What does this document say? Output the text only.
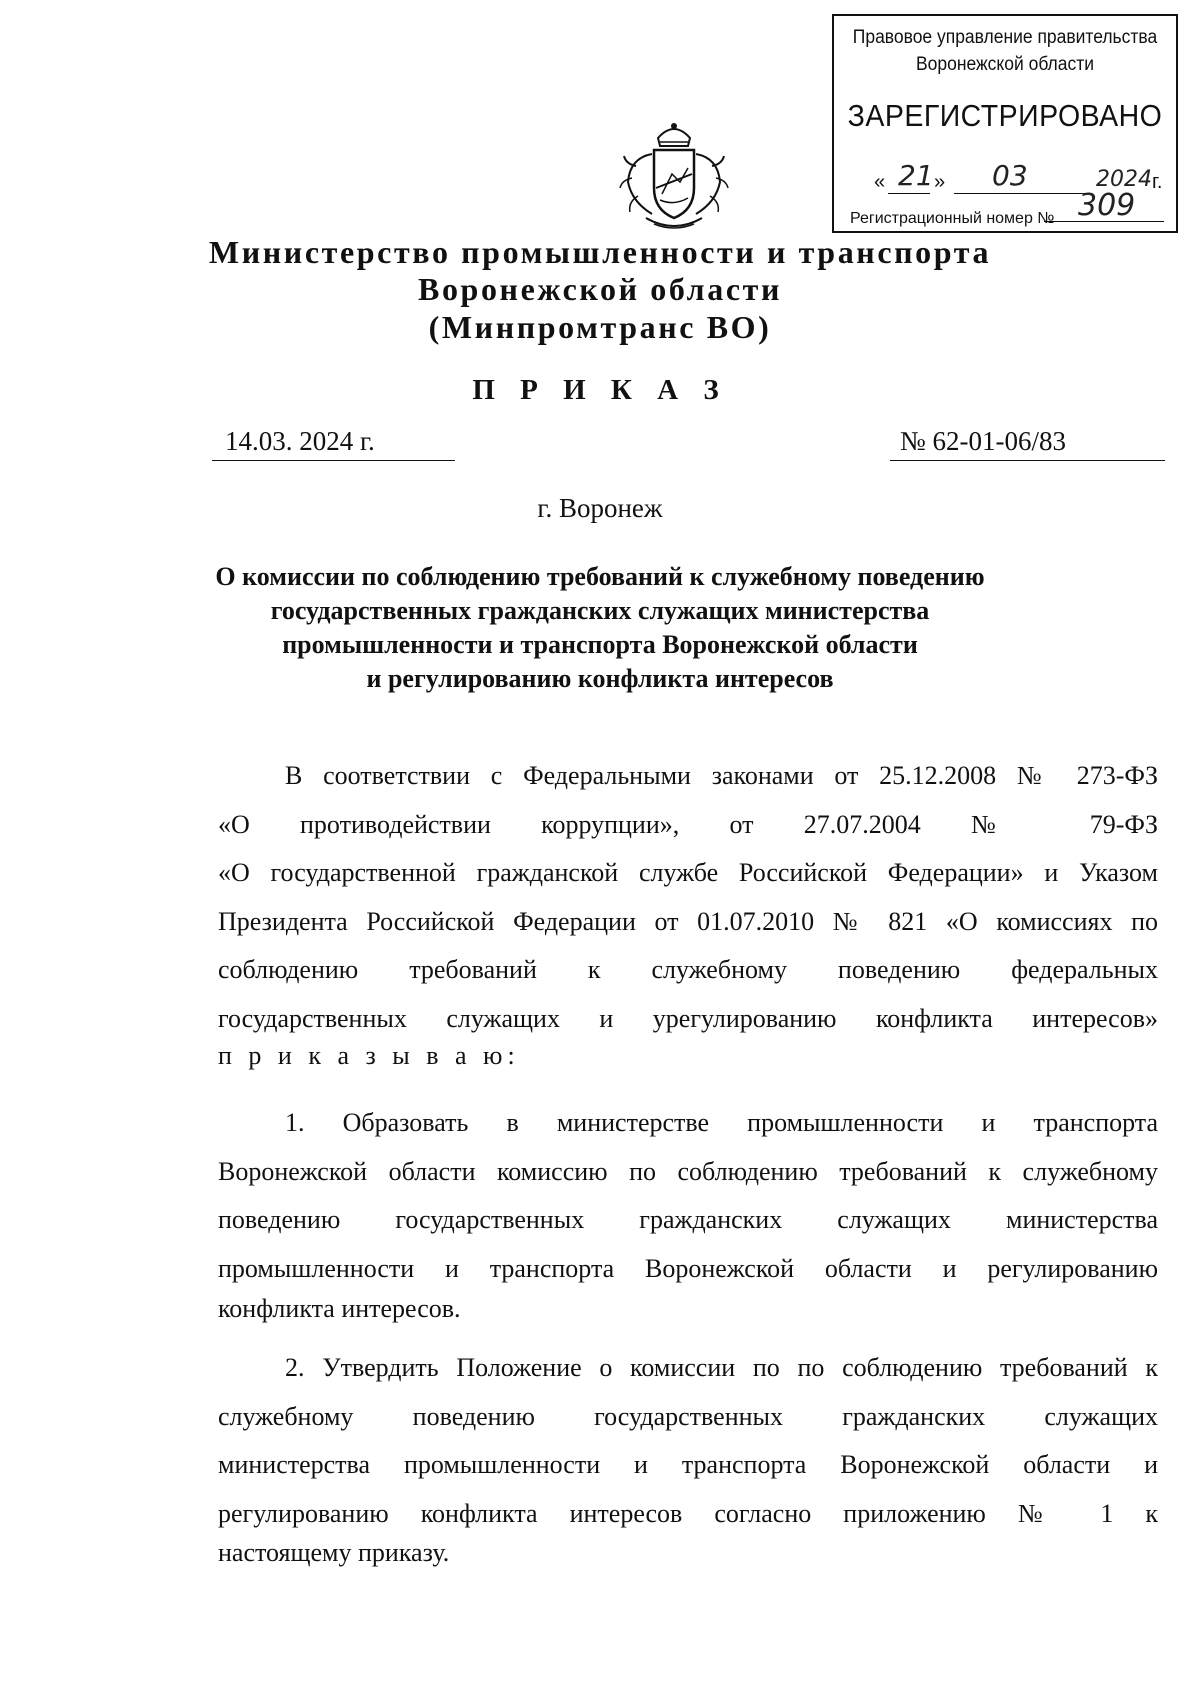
Правовое управление правительства
Воронежской области
ЗАРЕГИСТРИРОВАНО
« 21 » 03	2024 г.
Регистрационный номер № 309
Министерство промышленности и транспорта
Воронежской области
(Минпромтранс ВО)
П Р И К А З
14.03. 2024 г.	№ 62-01-06/83
г. Воронеж
О комиссии по соблюдению требований к служебному поведению
государственных гражданских служащих министерства
промышленности и транспорта Воронежской области
и регулированию конфликта интересов
В соответствии с Федеральными законами от 25.12.2008 № 273-ФЗ
«О противодействии коррупции», от 27.07.2004 № 79-ФЗ
«О государственной гражданской службе Российской Федерации» и Указом
Президента Российской Федерации от 01.07.2010 № 821 «О комиссиях по
соблюдению требований к служебному поведению федеральных
государственных служащих и урегулированию конфликта интересов»
п р и к а з ы в а ю:
1. Образовать в министерстве промышленности и транспорта
Воронежской области комиссию по соблюдению требований к служебному
поведению государственных гражданских служащих министерства
промышленности и транспорта Воронежской области и регулированию
конфликта интересов.
2. Утвердить Положение о комиссии по по соблюдению требований к
служебному поведению государственных гражданских служащих
министерства промышленности и транспорта Воронежской области и
регулированию конфликта интересов согласно приложению № 1 к
настоящему приказу.
